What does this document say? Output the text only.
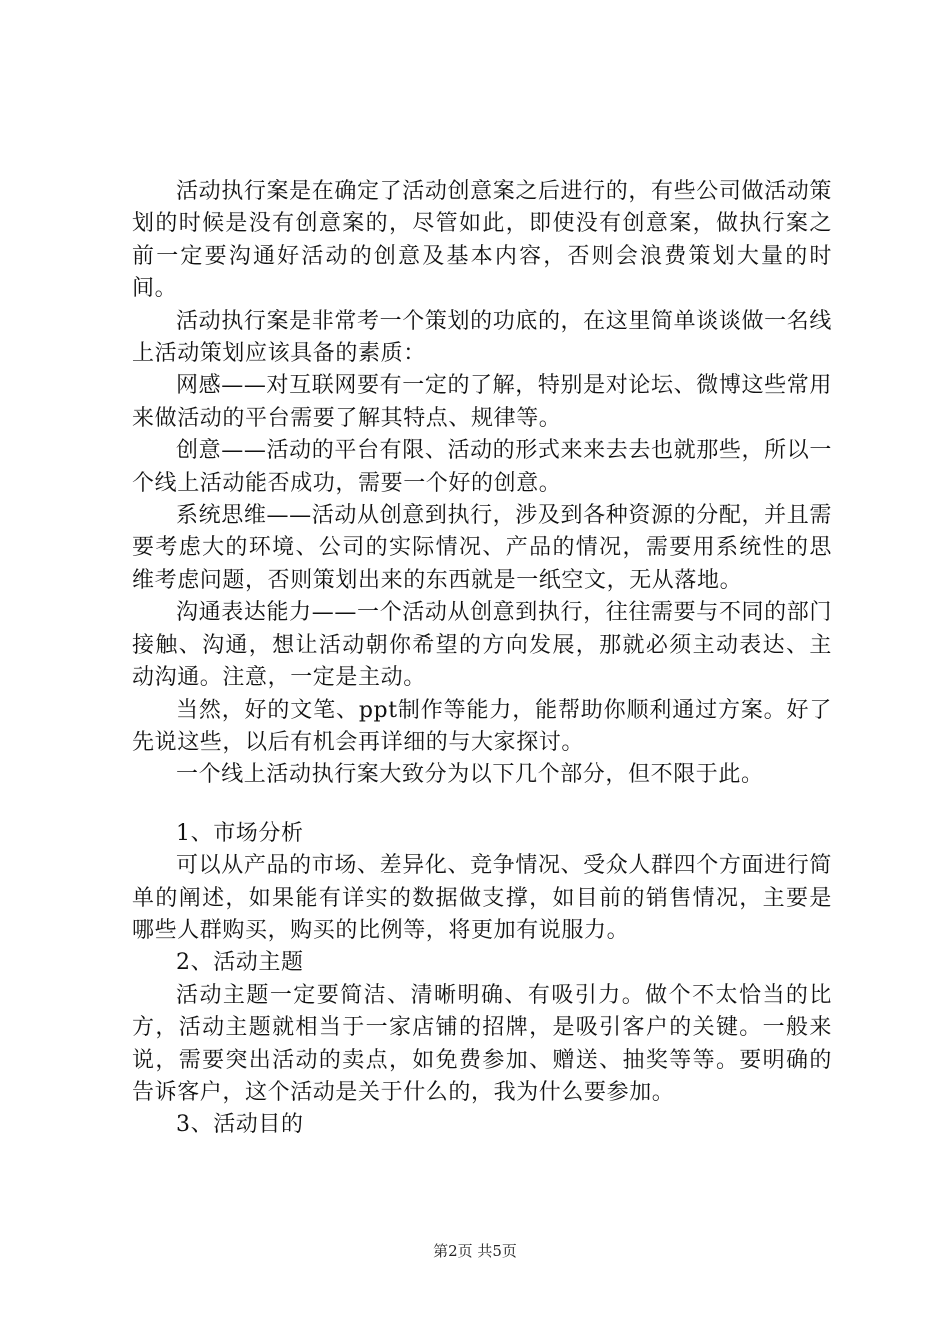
活动执行案是在确定了活动创意案之后进行的，有些公司做活动策划的时候是没有创意案的，尽管如此，即使没有创意案，做执行案之前一定要沟通好活动的创意及基本内容，否则会浪费策划大量的时间。

活动执行案是非常考一个策划的功底的，在这里简单谈谈做一名线上活动策划应该具备的素质：

网感——对互联网要有一定的了解，特别是对论坛、微博这些常用来做活动的平台需要了解其特点、规律等。

创意——活动的平台有限、活动的形式来来去去也就那些，所以一个线上活动能否成功，需要一个好的创意。

系统思维——活动从创意到执行，涉及到各种资源的分配，并且需要考虑大的环境、公司的实际情况、产品的情况，需要用系统性的思维考虑问题，否则策划出来的东西就是一纸空文，无从落地。

沟通表达能力——一个活动从创意到执行，往往需要与不同的部门接触、沟通，想让活动朝你希望的方向发展，那就必须主动表达、主动沟通。注意，一定是主动。

当然，好的文笔、ppt制作等能力，能帮助你顺利通过方案。好了先说这些，以后有机会再详细的与大家探讨。

一个线上活动执行案大致分为以下几个部分，但不限于此。

1、市场分析

可以从产品的市场、差异化、竞争情况、受众人群四个方面进行简单的阐述，如果能有详实的数据做支撑，如目前的销售情况，主要是哪些人群购买，购买的比例等，将更加有说服力。

2、活动主题

活动主题一定要简洁、清晰明确、有吸引力。做个不太恰当的比方，活动主题就相当于一家店铺的招牌，是吸引客户的关键。一般来说，需要突出活动的卖点，如免费参加、赠送、抽奖等等。要明确的告诉客户，这个活动是关于什么的，我为什么要参加。

3、活动目的

第2页 共5页
